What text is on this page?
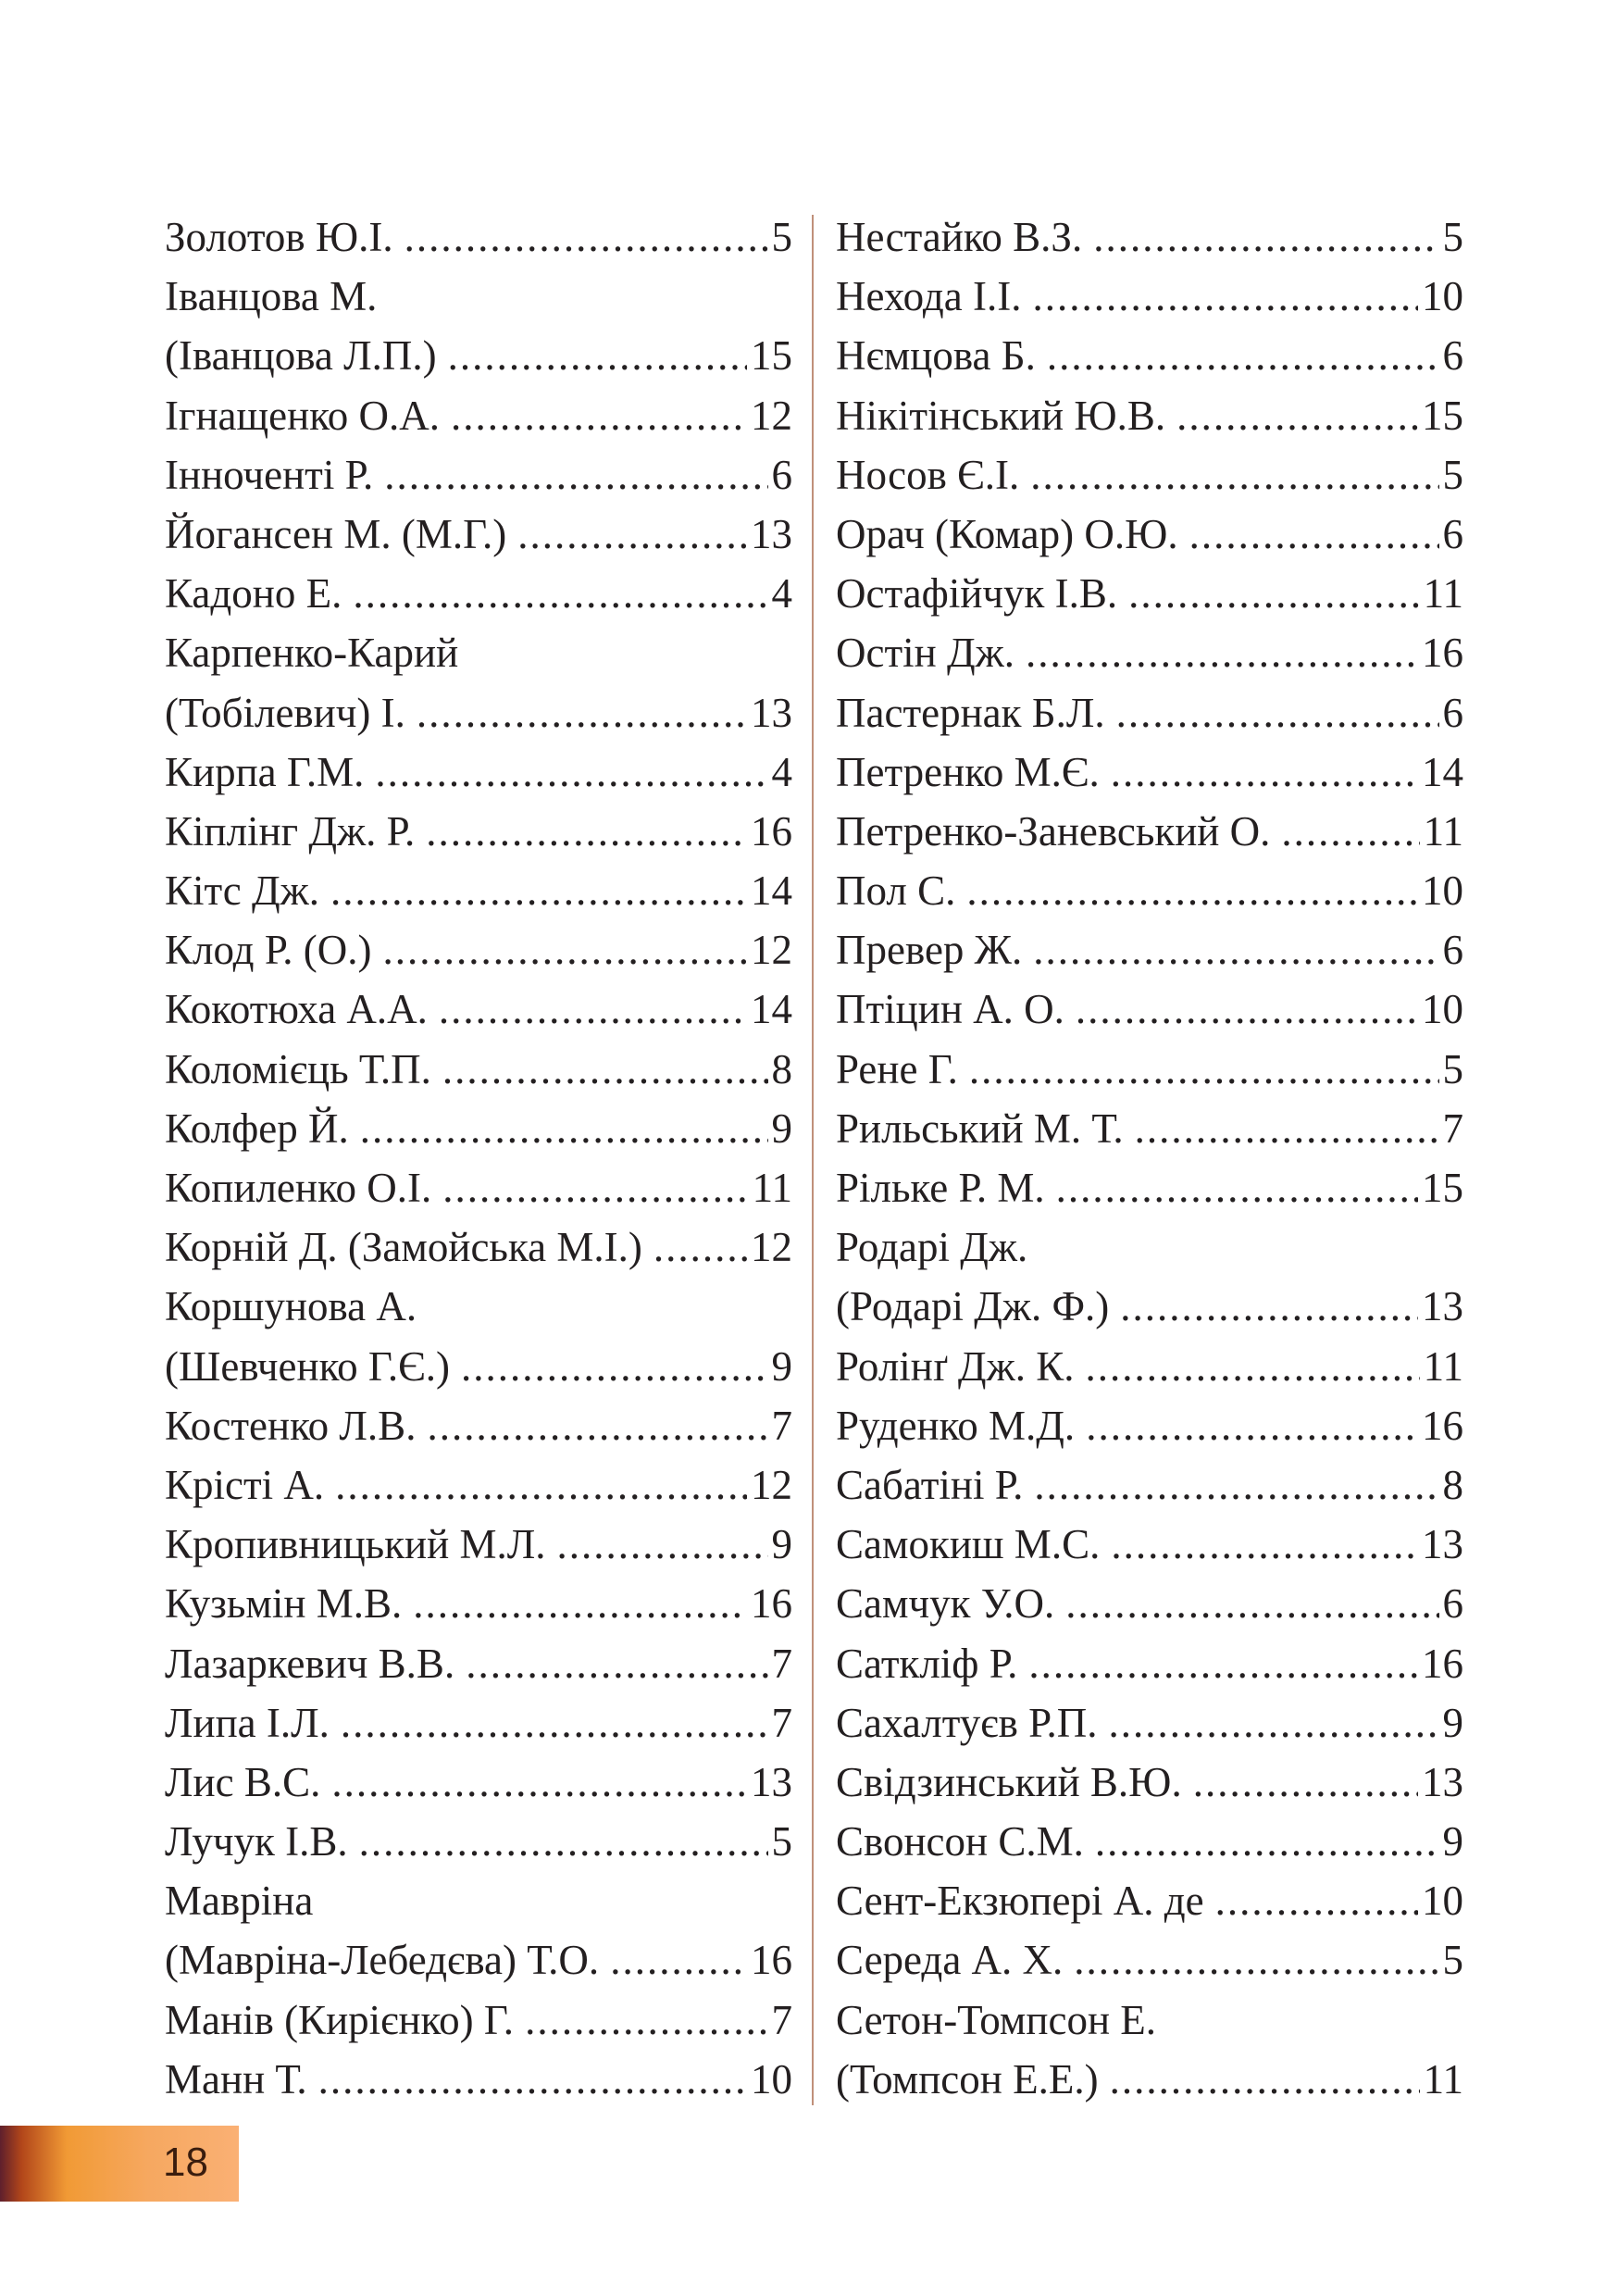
Золотов Ю.І. .....	5
Іванцова М.
(Іванцова Л.П.) .....	15
Ігнащенко О.А. .....	12
Інноченті Р. .....	6
Йогансен М. (М.Г.) .....	13
Кадоно Е. .....	4
Карпенко-Карий
(Тобілевич) І. .....	13
Кирпа Г.М. .....	4
Кіплінг Дж. Р. .....	16
Кітс Дж. .....	14
Клод Р. (О.) .....	12
Кокотюха А.А. .....	14
Коломієць Т.П. .....	8
Колфер Й. .....	9
Копиленко О.І. .....	11
Корній Д. (Замойська М.І.) .....	12
Коршунова А.
(Шевченко Г.Є.) .....	9
Костенко Л.В. .....	7
Крісті А. .....	12
Кропивницький М.Л. .....	9
Кузьмін М.В. .....	16
Лазаркевич В.В. .....	7
Липа І.Л. .....	7
Лис В.С. .....	13
Лучук І.В. .....	5
Мавріна
(Мавріна-Лебедєва) Т.О. .....	16
Манів (Кирієнко) Г. .....	7
Манн Т. .....	10
Нестайко В.З. .....	5
Нехода І.І. .....	10
Нємцова Б. .....	6
Нікітінський Ю.В. .....	15
Носов Є.І. .....	5
Орач (Комар) О.Ю. .....	6
Остафійчук І.В. .....	11
Остін Дж. .....	16
Пастернак Б.Л. .....	6
Петренко М.Є. .....	14
Петренко-Заневський О. .....	11
Пол С. .....	10
Превер Ж. .....	6
Птіцин А. О. .....	10
Рене Г. .....	5
Рильський М. Т. .....	7
Рільке Р. М. .....	15
Родарі Дж.
(Родарі Дж. Ф.) .....	13
Ролінґ Дж. К. .....	11
Руденко М.Д. .....	16
Сабатіні Р. .....	8
Самокиш М.С. .....	13
Самчук У.О. .....	6
Саткліф Р. .....	16
Сахалтуєв Р.П. .....	9
Свідзинський В.Ю. .....	13
Свонсон С.М. .....	9
Сент-Екзюпері А. де .....	10
Середа А. Х. .....	5
Сетон-Томпсон Е.
(Томпсон Е.Е.) .....	11
18
